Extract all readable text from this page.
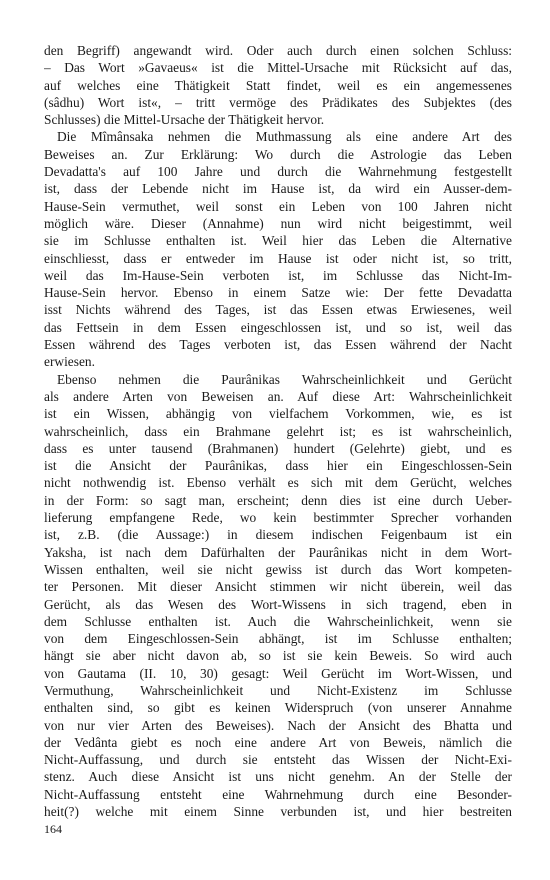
den Begriff) angewandt wird. Oder auch durch einen solchen Schluss:
– Das Wort »Gavaeus« ist die Mittel-Ursache mit Rücksicht auf das,
auf welches eine Thätigkeit Statt findet, weil es ein angemessenes
(sâdhu) Wort ist«, – tritt vermöge des Prädikates des Subjektes (des
Schlusses) die Mittel-Ursache der Thätigkeit hervor.
Die Mîmânsaka nehmen die Muthmassung als eine andere Art des
Beweises an. Zur Erklärung: Wo durch die Astrologie das Leben
Devadatta's auf 100 Jahre und durch die Wahrnehmung festgestellt
ist, dass der Lebende nicht im Hause ist, da wird ein Ausser-dem-
Hause-Sein vermuthet, weil sonst ein Leben von 100 Jahren nicht
möglich wäre. Dieser (Annahme) nun wird nicht beigestimmt, weil
sie im Schlusse enthalten ist. Weil hier das Leben die Alternative
einschliesst, dass er entweder im Hause ist oder nicht ist, so tritt,
weil das Im-Hause-Sein verboten ist, im Schlusse das Nicht-Im-
Hause-Sein hervor. Ebenso in einem Satze wie: Der fette Devadatta
isst Nichts während des Tages, ist das Essen etwas Erwiesenes, weil
das Fettsein in dem Essen eingeschlossen ist, und so ist, weil das
Essen während des Tages verboten ist, das Essen während der Nacht
erwiesen.
Ebenso nehmen die Paurânikas Wahrscheinlichkeit und Gerücht
als andere Arten von Beweisen an. Auf diese Art: Wahrscheinlichkeit
ist ein Wissen, abhängig von vielfachem Vorkommen, wie, es ist
wahrscheinlich, dass ein Brahmane gelehrt ist; es ist wahrscheinlich,
dass es unter tausend (Brahmanen) hundert (Gelehrte) giebt, und es
ist die Ansicht der Paurânikas, dass hier ein Eingeschlossen-Sein
nicht nothwendig ist. Ebenso verhält es sich mit dem Gerücht, welches
in der Form: so sagt man, erscheint; denn dies ist eine durch Ueber-
lieferung empfangene Rede, wo kein bestimmter Sprecher vorhanden
ist, z.B. (die Aussage:) in diesem indischen Feigenbaum ist ein
Yaksha, ist nach dem Dafürhalten der Paurânikas nicht in dem Wort-
Wissen enthalten, weil sie nicht gewiss ist durch das Wort kompeten-
ter Personen. Mit dieser Ansicht stimmen wir nicht überein, weil das
Gerücht, als das Wesen des Wort-Wissens in sich tragend, eben in
dem Schlusse enthalten ist. Auch die Wahrscheinlichkeit, wenn sie
von dem Eingeschlossen-Sein abhängt, ist im Schlusse enthalten;
hängt sie aber nicht davon ab, so ist sie kein Beweis. So wird auch
von Gautama (II. 10, 30) gesagt: Weil Gerücht im Wort-Wissen, und
Vermuthung, Wahrscheinlichkeit und Nicht-Existenz im Schlusse
enthalten sind, so gibt es keinen Widerspruch (von unserer Annahme
von nur vier Arten des Beweises). Nach der Ansicht des Bhatta und
der Vedânta giebt es noch eine andere Art von Beweis, nämlich die
Nicht-Auffassung, und durch sie entsteht das Wissen der Nicht-Exi-
stenz. Auch diese Ansicht ist uns nicht genehm. An der Stelle der
Nicht-Auffassung entsteht eine Wahrnehmung durch eine Besonder-
heit(?) welche mit einem Sinne verbunden ist, und hier bestreiten
164
